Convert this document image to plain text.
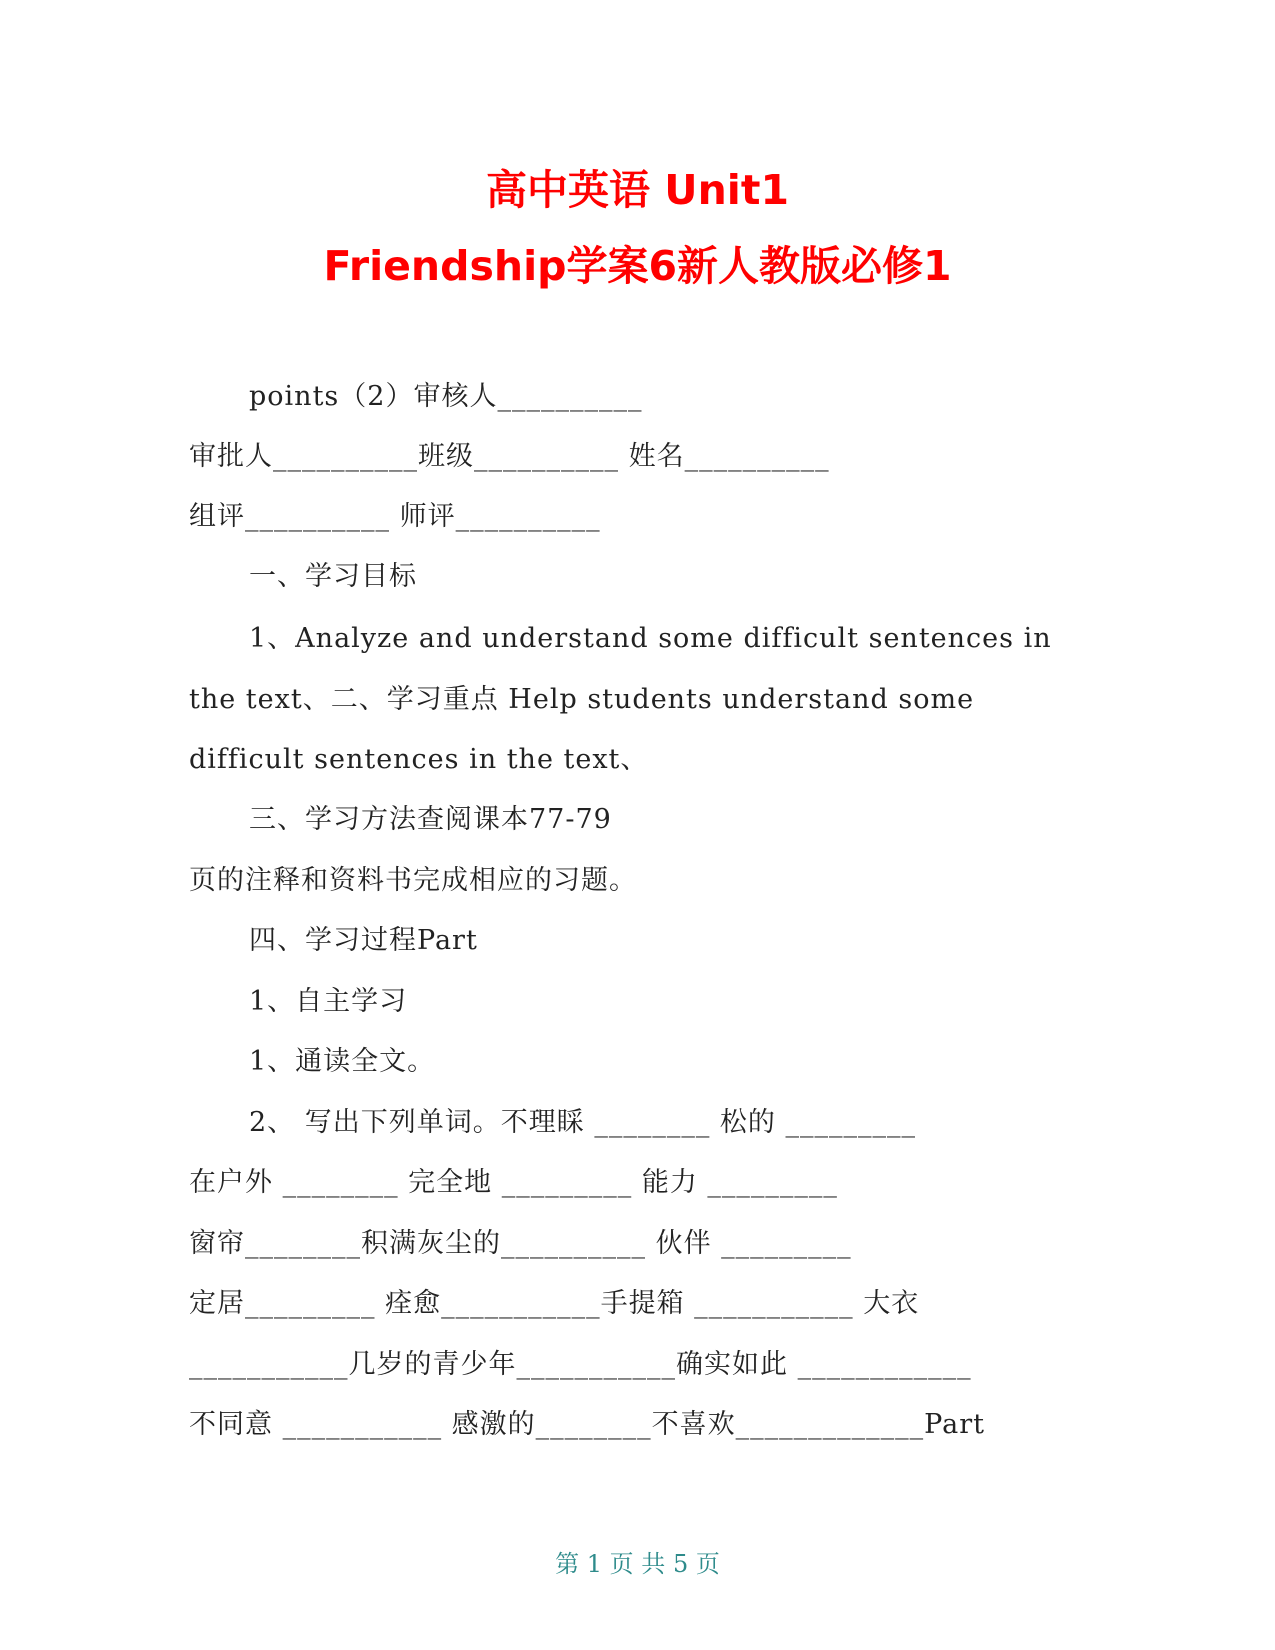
高中英语 Unit1
Friendship学案6新人教版必修1
points（2）审核人__________
审批人__________班级__________ 姓名__________
组评__________ 师评__________
一、学习目标
1、Analyze and understand some difficult sentences in
the text、二、学习重点 Help students understand some
difficult sentences in the text、
三、学习方法查阅课本77-79
页的注释和资料书完成相应的习题。
四、学习过程Part
1、自主学习
1、通读全文。
2、 写出下列单词。不理睬 ________ 松的 _________
在户外 ________ 完全地 _________ 能力 _________
窗帘________积满灰尘的__________ 伙伴 _________
定居_________ 痊愈___________手提箱 ___________ 大衣
___________几岁的青少年___________确实如此 ____________
不同意 ___________ 感激的________不喜欢_____________Part
第 1 页 共 5 页
